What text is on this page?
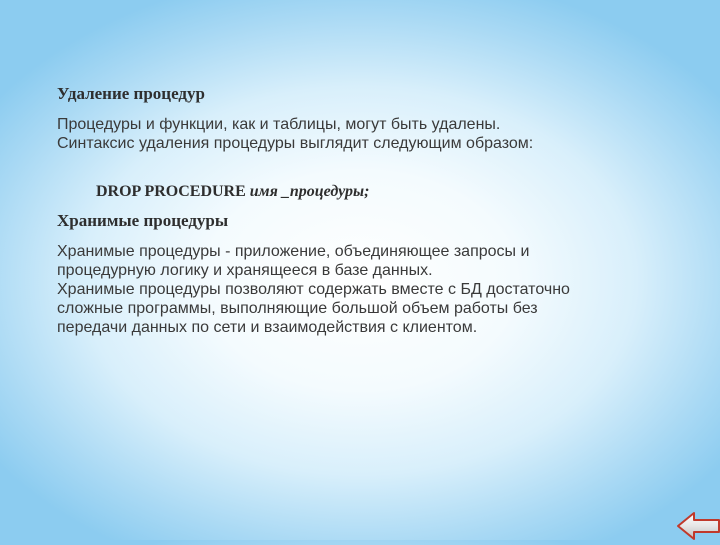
Удаление процедур

Процедуры и функции, как и таблицы, могут быть удалены.
Синтаксис удаления процедуры выглядит следующим образом:

DROP PROCEDURE имя _процедуры;
Хранимые процедуры

Хранимые процедуры - приложение, объединяющее запросы и
процедурную логику и хранящееся в базе данных.
Хранимые процедуры позволяют содержать вместе с БД достаточно
сложные программы, выполняющие большой объем работы без
передачи данных по сети и взаимодействия с клиентом.
